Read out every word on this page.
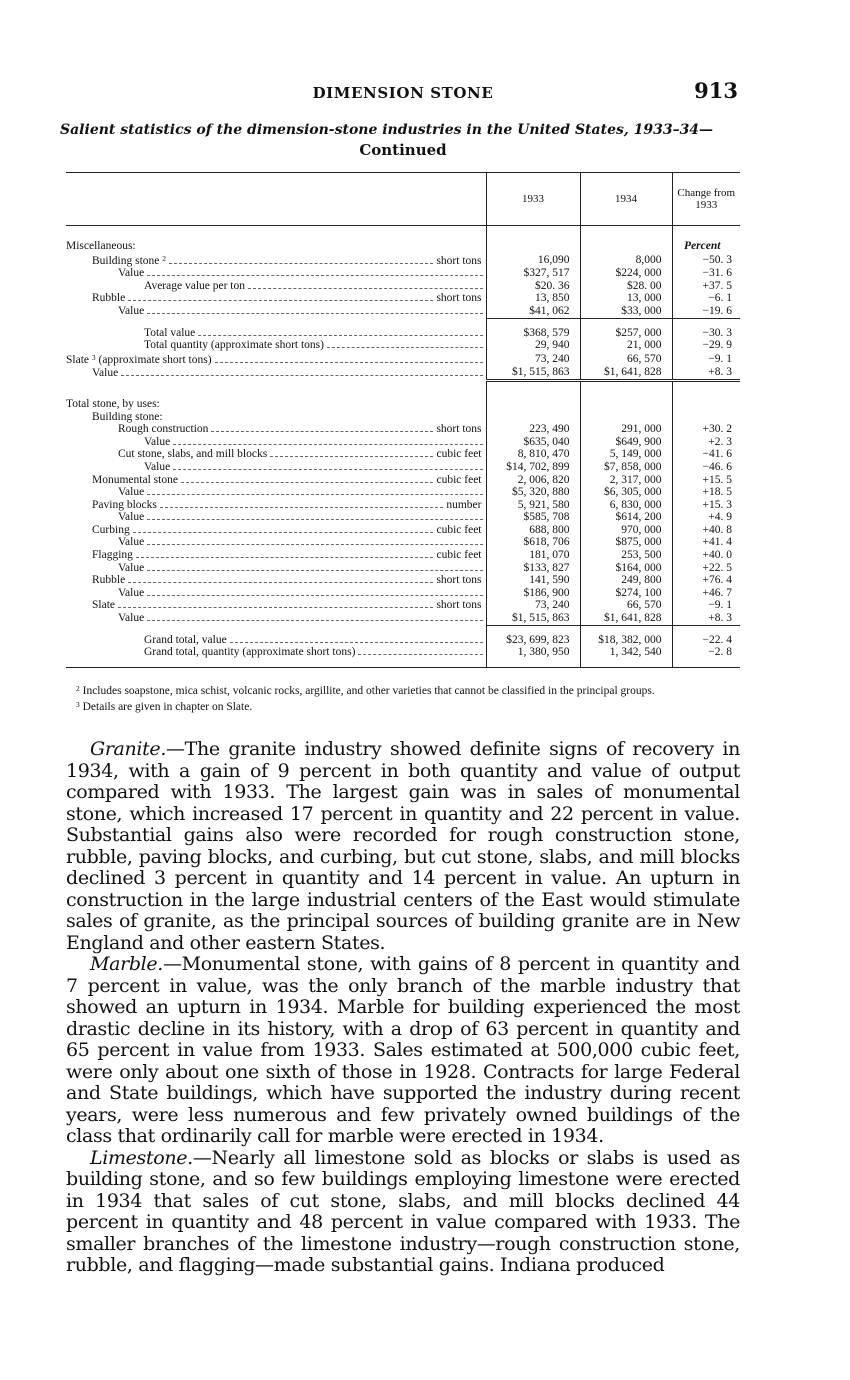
DIMENSION STONE	913
Salient statistics of the dimension-stone industries in the United States, 1933–34—
Continued
	1933	1934	Change from 1933

Miscellaneous:			Percent

Building stone $^2$ short tons	16,090	8,000	−50. 3

Value	$327, 517	$224, 000	−31. 6

Average value per ton	$20. 36	$28. 00	+37. 5

Rubble short tons	13, 850	13, 000	−6. 1

Value	$41, 062	$33, 000	−19. 6

Total value	$368, 579	$257, 000	−30. 3

Total quantity (approximate short tons)	29, 940	21, 000	−29. 9

Slate $^3$ (approximate short tons)	73, 240	66, 570	−9. 1

Value	$1, 515, 863	$1, 641, 828	+8. 3

Total stone, by uses:			
Building stone:			

Rough construction short tons	223, 490	291, 000	+30. 2

Value	$635, 040	$649, 900	+2. 3

Cut stone, slabs, and mill blocks cubic feet	8, 810, 470	5, 149, 000	−41. 6

Value	$14, 702, 899	$7, 858, 000	−46. 6

Monumental stone cubic feet	2, 006, 820	2, 317, 000	+15. 5

Value	$5, 320, 880	$6, 305, 000	+18. 5

Paving blocks number	5, 921, 580	6, 830, 000	+15. 3

Value	$585, 708	$614, 200	+4. 9

Curbing cubic feet	688, 800	970, 000	+40. 8

Value	$618, 706	$875, 000	+41. 4

Flagging cubic feet	181, 070	253, 500	+40. 0

Value	$133, 827	$164, 000	+22. 5

Rubble short tons	141, 590	249, 800	+76. 4

Value	$186, 900	$274, 100	+46. 7

Slate short tons	73, 240	66, 570	−9. 1

Value	$1, 515, 863	$1, 641, 828	+8. 3

Grand total, value	$23, 699, 823	$18, 382, 000	−22. 4

Grand total, quantity (approximate short tons)	1, 380, 950	1, 342, 540	−2. 8

$^2$ Includes soapstone, mica schist, volcanic rocks, argillite, and other varieties that cannot be classified in the principal groups.

$^3$ Details are given in chapter on Slate.

Granite.—The granite industry showed definite signs of recovery in 1934, with a gain of 9 percent in both quantity and value of output compared with 1933. The largest gain was in sales of monumental stone, which increased 17 percent in quantity and 22 percent in value. Substantial gains also were recorded for rough construction stone, rubble, paving blocks, and curbing, but cut stone, slabs, and mill blocks declined 3 percent in quantity and 14 percent in value. An upturn in construction in the large industrial centers of the East would stimulate sales of granite, as the principal sources of building granite are in New England and other eastern States.

Marble.—Monumental stone, with gains of 8 percent in quantity and 7 percent in value, was the only branch of the marble industry that showed an upturn in 1934. Marble for building experienced the most drastic decline in its history, with a drop of 63 percent in quantity and 65 percent in value from 1933. Sales estimated at 500,000 cubic feet, were only about one sixth of those in 1928. Contracts for large Federal and State buildings, which have supported the industry during recent years, were less numerous and few privately owned buildings of the class that ordinarily call for marble were erected in 1934.

Limestone.—Nearly all limestone sold as blocks or slabs is used as building stone, and so few buildings employing limestone were erected in 1934 that sales of cut stone, slabs, and mill blocks declined 44 percent in quantity and 48 percent in value compared with 1933. The smaller branches of the limestone industry—rough construction stone, rubble, and flagging—made substantial gains. Indiana produced
